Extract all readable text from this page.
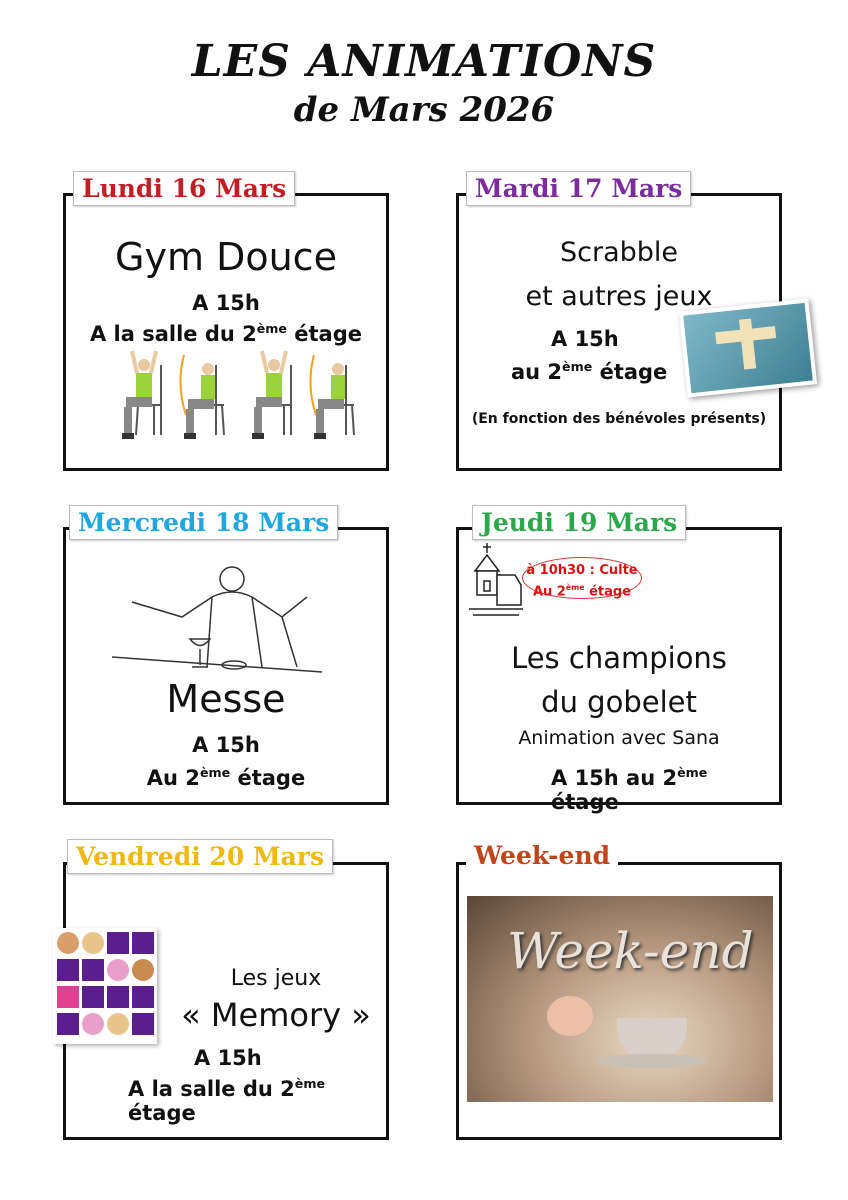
LES ANIMATIONS
de Mars 2026
Gym Douce
A 15h
A la salle du 2ème étage
Lundi 16 Mars
Scrabble
et autres jeux
A 15h
au 2ème étage
(En fonction des bénévoles présents)
Mardi 17 Mars
Messe
A 15h
Au 2ème étage
Mercredi 18 Mars
à 10h30 : Culte
Au 2ème étage
Les champions
du gobelet
Animation avec Sana
A 15h au 2ème étage
Jeudi 19 Mars
Les jeux
« Memory »
A 15h
A la salle du 2ème étage
Vendredi 20 Mars
Week-end
Week-end
